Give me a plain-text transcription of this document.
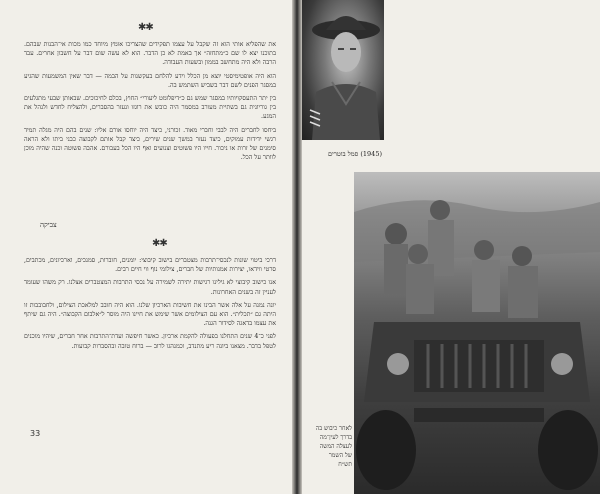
✱✱

את שהפליא אותי הוא זה שקבל על עצמו תפקידים שהצריכו אומץ מיוחד כמו מכות אי־הבנות שבהם. בתוכנו יצא לו שם כ״מתחזה״ אך באמת לא כן הדבר. הוא לא עשה שום דבר על חשבון אחרים. עבד הרבה ולא היה מתחשב בממון ובשעות העבודה.

הוא היה אופטימיסטי יוצא מן הכלל וידע להלחם בעקשנות על הבמה — דבר שאין המשמעות שהגיע במסגר הפנים לשם דבר בשביש השתמש בה.

בין יתר התעסקויותיו במסגר שמש גם כ״דיפלומט ליעורי״ החוץ, בכלם לחיכוכים. שבאותן שבעי מתגלעים בין גוריונית גם בשתיית מעורב במסמר היה כובש את רוגזו ונעזר בהסברים, ולהצליח לחדש ולנהל את המגע.

ביחסו לחברים היה לבבי וחברי מאוד. זכורני, כיצד היה יוחסו אורם אליו: שנים בהם היה מגלה תמיד רגשי ידידות עמוקים, כיצד נעזר במשך שנים שירים, כיצד קבל אותם לקבוצה כבני ביתו ולא הראה סימנים של זרות או ניכור. חייו היו פשוטים וצנועים ואף היו הכל בעבורם. אהבה פשוטה וכנה שהיה מוכן לוותר על הכל.

צביקה
✱✱

דרכי ביטוי שונות לנכסי־תרבות מצטברים בישוב קיבוצי: יומנים, חוברות, סמנכים, וארכיונים, מכתבים, סרטי ווידאו, יצירות אמנותיות של חברים, צילומי נוף ווי חיים רבים.

אנו כישוב קיבוצי לא גילינו רגישות יתירה לשמירה על נכסי התרבות המצטברים אצלנו. רק משהו שעומד לעניין זה בשנים האחרונות.

יונה נמנה על אלה אשר הבינו את חשיבות הארכיון שלנו. הוא היה חובב למלאכת הצילום, ולחבובבות זו היתה גם ״תכלית״. הוא עם הצילומים אשר שימש את חיינו היה מוסר ל״אלבום הקבוצה״. היה גם שיתף את עצמו בדאגה לסידור הגנה.

לפני כ־4 שנים התחלנו בפעולה להקמת ארכיון. כאשר חיפשה ועדת־התרבות אחר חברים, שיהיו מוכנים לטפל בדבר. מצאנו ביונה ריע מתנדב, וכמנהגו לרוב — ברוח טובה ובהסברות קבועות.

33
(1945) סמל בוטרים
לאחר כיבוש בה
בדרך לעין־מה
לעצלה המשה
של השמר
תש״ח
